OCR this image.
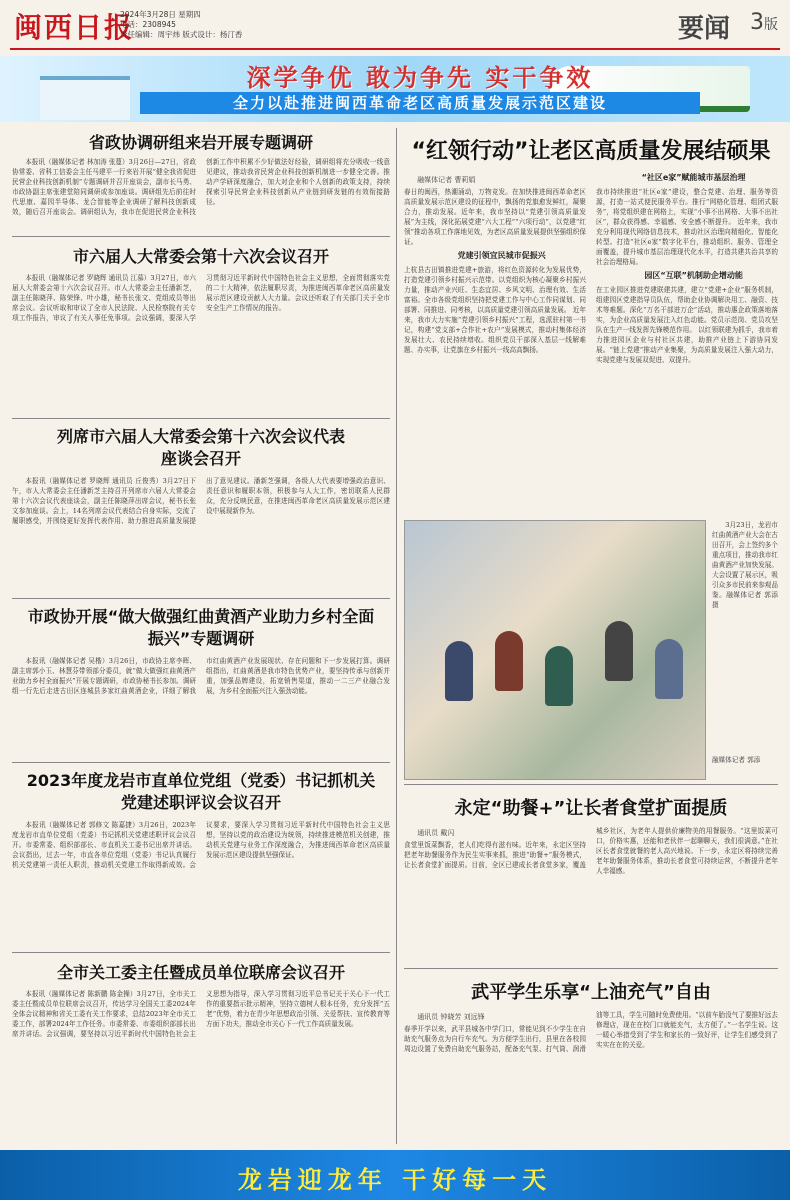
闽西日报
2024年3月28日 星期四
电话：2308945
责任编辑：周宇炜 版式设计：杨汀香	要闻 3版
深学争优 敢为争先 实干争效
全力以赴推进闽西革命老区高质量发展示范区建设
省政协调研组来岩开展专题调研
本报讯（融媒体记者 林加涛 张蔓）3月26日—27日，省政协常委、省科工信委会主任马建平一行来岩开展“健全我省促进民营企业科技创新机制”专题调研并召开座谈会，副市长马勇、市政协副主席张建堂陪同调研或参加座谈。调研组先后前往时代思康、嘉园半导体、龙合智能等企业调研了解科技创新成效，随后召开座谈会。调研组认为，我市在促进民营企业科技创新工作中积累不少好做法好经验，调研组将充分吸收一线意见建议，推动我省民营企业科技创新机制进一步健全完善。推动产学研深度融合，加大对企业和个人创新的政策支持，持续探索引导民营企业科技创新从产业链到研发链的有效衔接路径。
市六届人大常委会第十六次会议召开
本报讯（融媒体记者 罗晓辉 通讯员 江慕）3月27日，市六届人大常委会第十六次会议召开。市人大常委会主任潘新芝，副主任陈晓萍、陈荣锋、叶小雄，秘书长张文、党组成员等出席会议。会议听取和审议了全市人民法院、人民检察院有关专项工作报告，审议了有关人事任免事项。会议强调，要深入学习贯彻习近平新时代中国特色社会主义思想，全面贯彻落实党的二十大精神，依法履职尽责，为推进闽西革命老区高质量发展示范区建设贡献人大力量。会议还听取了有关部门关于全市安全生产工作情况的报告。
列席市六届人大常委会第十六次会议代表座谈会召开
本报讯（融媒体记者 罗晓辉 通讯员 丘俊秀）3月27日下午，市人大常委会主任潘新芝主持召开列席市六届人大常委会第十六次会议代表座谈会，副主任陈晓萍出席会议，秘书长张文参加座谈。会上，14名列席会议代表结合自身实际，交流了履职感受，并围绕更好发挥代表作用、助力推进高质量发展提出了意见建议。潘新芝强调，各级人大代表要增强政治意识、责任意识和履职本领，积极参与人大工作，密切联系人民群众，充分反映民意，在推进闽西革命老区高质量发展示范区建设中展现新作为。
市政协开展“做大做强红曲黄酒产业助力乡村全面振兴”专题调研
本报讯（融媒体记者 吴楷）3月26日，市政协主席李晖、副主席郭小玉、林慧芬带领部分委员，就“做大做强红曲黄酒产业助力乡村全面振兴”开展专题调研，市政协秘书长参加。调研组一行先后走进古田区连城县多家红曲黄酒企业，详细了解我市红曲黄酒产业发展现状、存在问题和下一步发展打算。调研组指出，红曲黄酒是我市特色优势产业，要坚持传承与创新并重，加强品牌建设，拓宽销售渠道，推动一二三产业融合发展，为乡村全面振兴注入强劲动能。
2023年度龙岩市直单位党组（党委）书记抓机关党建述职评议会议召开
本报讯（融媒体记者 郭修文 陈嘉捷）3月26日，2023年度龙岩市直单位党组（党委）书记抓机关党建述职评议会议召开。市委常委、组织部部长、市直机关工委书记出席并讲话。会议指出，过去一年，市直各单位党组（党委）书记认真履行机关党建第一责任人职责，推动机关党建工作取得新成效。会议要求，要深入学习贯彻习近平新时代中国特色社会主义思想，坚持以党的政治建设为统领，持续推进模范机关创建，推动机关党建与业务工作深度融合，为推进闽西革命老区高质量发展示范区建设提供坚强保证。
全市关工委主任暨成员单位联席会议召开
本报讯（融媒体记者 陈新鹏 陈金操）3月27日，全市关工委主任暨成员单位联席会议召开，传达学习全国关工委2024年全体会议精神和省关工委有关工作要求，总结2023年全市关工委工作，部署2024年工作任务。市委常委、市委组织部部长出席并讲话。会议强调，要坚持以习近平新时代中国特色社会主义思想为指导，深入学习贯彻习近平总书记关于关心下一代工作的重要指示批示精神，坚持立德树人根本任务，充分发挥“五老”优势，着力在青少年思想政治引领、关爱帮扶、宣传教育等方面下功夫，推动全市关心下一代工作高质量发展。
“红领行动”让老区高质量发展结硕果
融媒体记者 曹莉娟
春日的闽西，热潮涌动，万物竞发。在加快推进闽西革命老区高质量发展示范区建设的征程中，飘扬的党旗愈发鲜红，凝聚合力，推动发展。近年来，我市坚持以“党建引领高质量发展”为主线，深化拓展党建“六大工程”“六项行动”，以党建“红领”推动各项工作落地见效，为老区高质量发展提供坚强组织保证。
党建引领宜民城市促振兴
上杭县古田镇推进党建+旅游，将红色资源转化为发展优势，打造党建引领乡村振兴示范带。以党组织为核心凝聚乡村振兴力量，推动产业兴旺、生态宜居、乡风文明、治理有效、生活富裕。全市各级党组织坚持把党建工作与中心工作同谋划、同部署、同推进、同考核，以高质量党建引领高质量发展。 近年来，我市大力实施“党建引领乡村振兴”工程，选派驻村第一书记，构建“党支部+合作社+农户”发展模式，推动村集体经济发展壮大、农民持续增收。组织党员干部深入基层一线解难题、办实事，让党旗在乡村振兴一线高高飘扬。
“社区e家”赋能城市基层治理
我市持续推进“社区e家”建设，整合党建、治理、服务等资源，打造一站式便民服务平台。推行“网格化管理、组团式服务”，将党组织建在网格上，实现“小事不出网格、大事不出社区”，群众获得感、幸福感、安全感不断提升。 近年来，我市充分利用现代网络信息技术，推动社区治理向精细化、智能化转型。打造“社区e家”数字化平台，推动组织、服务、管理全面覆盖，提升城市基层治理现代化水平，打造共建共治共享的社会治理格局。
园区“互联”机制助企增动能
在工业园区推进党建联建共建，建立“党建+企业”服务机制，组建园区党建指导员队伍，帮助企业协调解决用工、融资、技术等难题。深化“万名干部进万企”活动，推动惠企政策落地落实，为企业高质量发展注入红色动能。党员示范岗、党员攻坚队在生产一线发挥先锋模范作用。 以红领联建为抓手，我市着力推进园区企业与村社区共建，助推产业链上下游协同发展。“链上党建”推动产业集聚，为高质量发展注入强大动力，实现党建与发展双促进、双提升。
3月23日，龙岩市红曲黄酒产业大会在古田召开，会上签约多个重点项目，推动我市红曲黄酒产业加快发展。大会设置了展示区，吸引众多市民前来参观品鉴。融媒体记者 郭添 摄
融媒体记者 郭添
永定“助餐+”让长者食堂扩面提质
通讯员 戴闪
食堂里饭菜飘香，老人们吃得有滋有味。近年来，永定区坚持把老年助餐服务作为民生实事来抓，推进“助餐+”服务模式，让长者食堂扩面提质。目前，全区已建成长者食堂多家，覆盖城乡社区，为老年人提供价廉物美的用餐服务。“这里饭菜可口，价格实惠，还能和老伙伴一起聊聊天，我们很满意。”在社区长者食堂就餐的老人高兴地说。下一步，永定区将持续完善老年助餐服务体系，推动长者食堂可持续运营，不断提升老年人幸福感。
武平学生乐享“上油充气”自由
通讯员 钟晓芳 刘远锋
春季开学以来，武平县城各中学门口，常能见到不少学生在自助充气服务点为自行车充气。为方便学生出行，县里在各校园周边设置了免费自助充气服务站，配备充气泵、打气筒、润滑油等工具，学生可随时免费使用。“以前车胎没气了要推好远去修理店，现在在校门口就能充气，太方便了。”一名学生说。这一暖心举措受到了学生和家长的一致好评，让学生们感受到了实实在在的关爱。
龙岩迎龙年 干好每一天
